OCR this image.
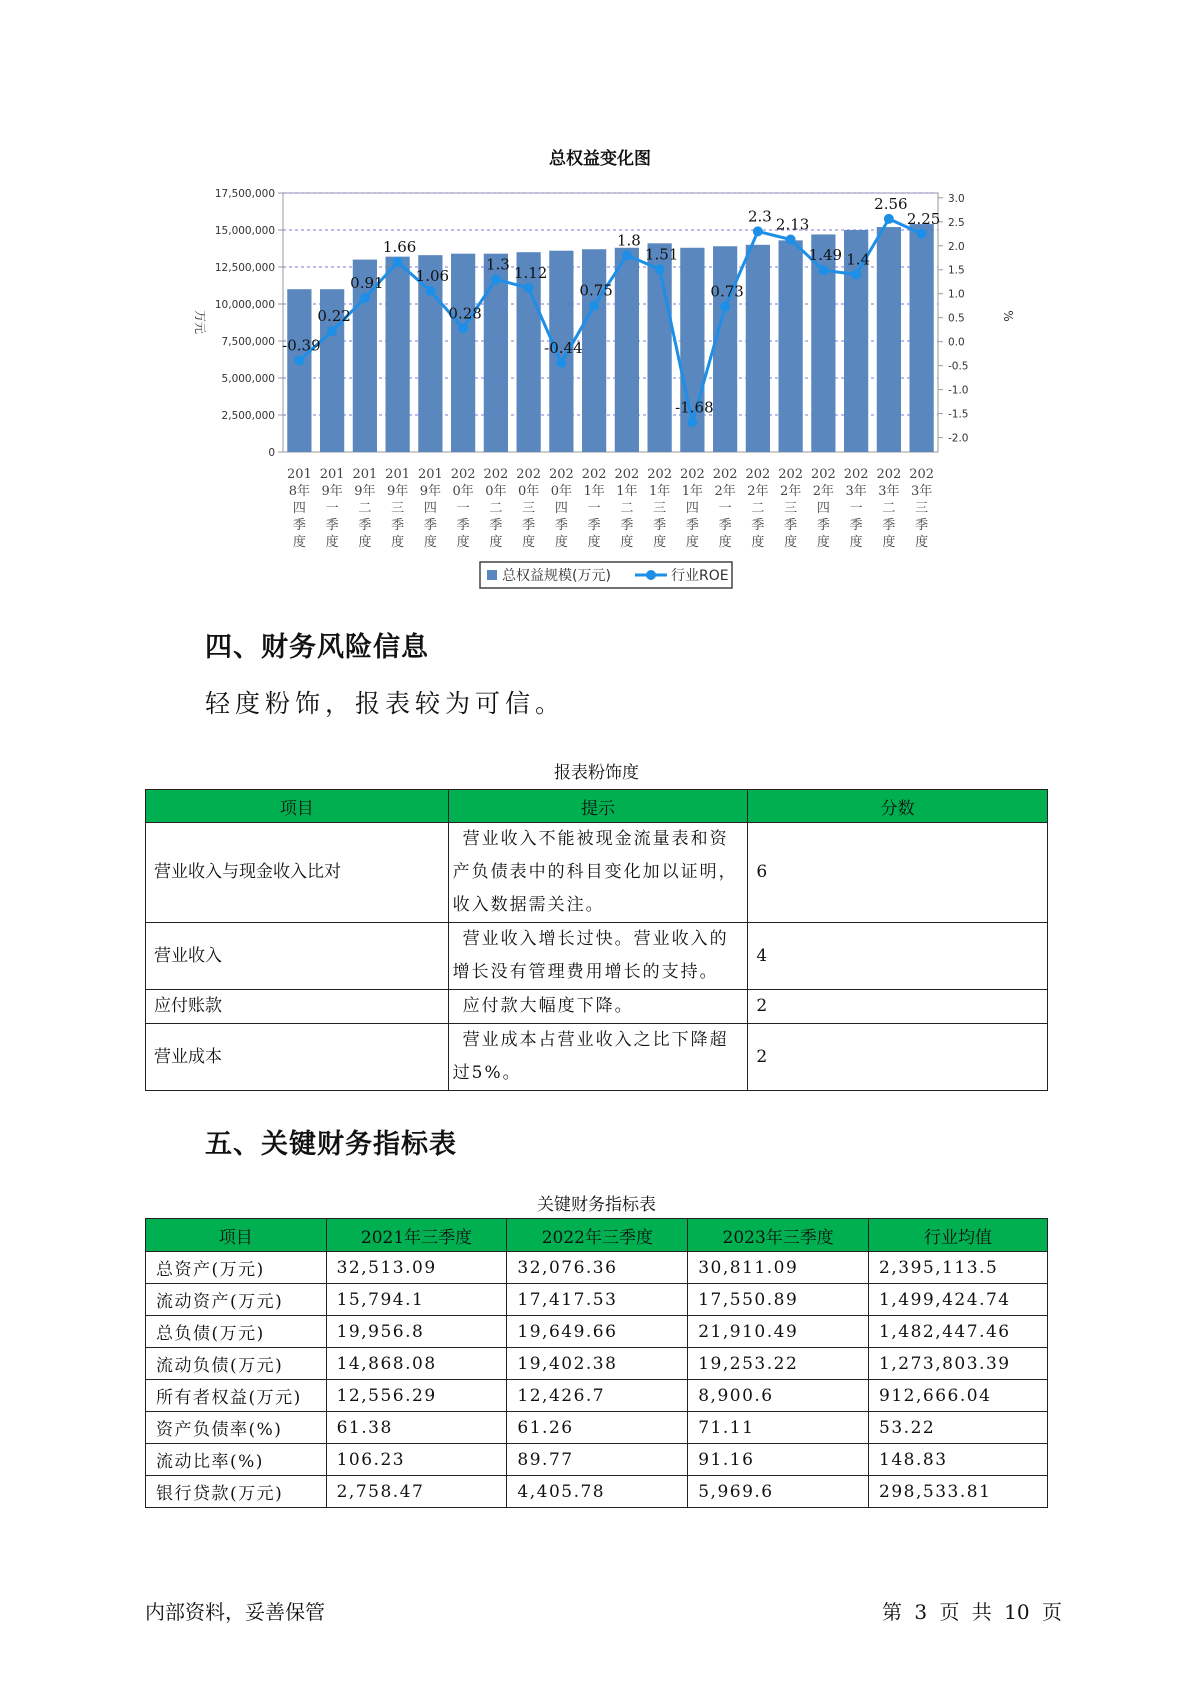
总权益变化图
17,500,000
15,000,000
12,500,000
10,000,000
7,500,000
5,000,000
2,500,000
0
3.0
2.5
2.0
1.5
1.0
0.5
0.0
-0.5
-1.0
-1.5
-2.0
万元	%
201
8年
四
季
度
201
9年
一
季
度
201
9年
二
季
度
201
9年
三
季
度
201
9年
四
季
度
202
0年
一
季
度
202
0年
二
季
度
202
0年
三
季
度
202
0年
四
季
度
202
1年
一
季
度
202
1年
二
季
度
202
1年
三
季
度
202
1年
四
季
度
202
2年
一
季
度
202
2年
二
季
度
202
2年
三
季
度
202
2年
四
季
度
202
3年
一
季
度
202
3年
二
季
度
202
3年
三
季
度
-0.39
0.22
0.91
1.66
1.06
0.28
1.3 1.12
-0.44
0.75
1.8
1.51
-1.68
0.73
2.3 2.13
1.49 1.4
2.56
2.25
总权益规模(万元)	行业ROE
四、财务风险信息
轻度粉饰，报表较为可信。
报表粉饰度
项目	提示	分数
营业收入与现金收入比对	营业收入不能被现金流量表和资
产负债表中的科目变化加以证明，
收入数据需关注。	6
营业收入	营业收入增长过快。营业收入的
增长没有管理费用增长的支持。	4
应付账款	应付款大幅度下降。	2
营业成本	营业成本占营业收入之比下降超
过5%。	2
五、关键财务指标表
关键财务指标表
项目	2021年三季度	2022年三季度	2023年三季度	行业均值
总资产(万元)	32,513.09	32,076.36	30,811.09	2,395,113.5
流动资产(万元)	15,794.1	17,417.53	17,550.89	1,499,424.74
总负债(万元)	19,956.8	19,649.66	21,910.49	1,482,447.46
流动负债(万元)	14,868.08	19,402.38	19,253.22	1,273,803.39
所有者权益(万元)	12,556.29	12,426.7	8,900.6	912,666.04
资产负债率(%)	61.38	61.26	71.11	53.22
流动比率(%)	106.23	89.77	91.16	148.83
银行贷款(万元)	2,758.47	4,405.78	5,969.6	298,533.81
内部资料，妥善保管	第 3 页 共 10 页
